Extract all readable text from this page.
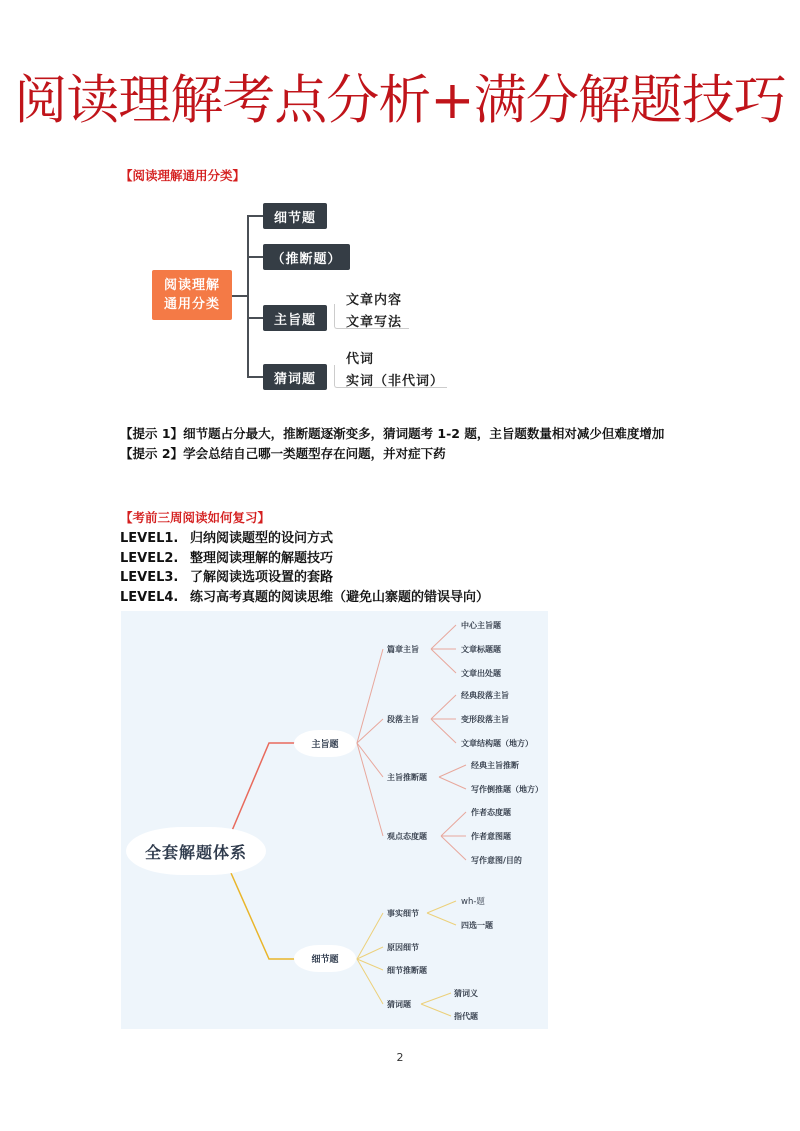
阅读理解考点分析+满分解题技巧
【阅读理解通用分类】
阅读理解
通用分类
细节题
（推断题）
主旨题
猜词题
文章内容
文章写法
代词
实词（非代词）
【提示 1】细节题占分最大，推断题逐渐变多，猜词题考 1-2 题，主旨题数量相对减少但难度增加
【提示 2】学会总结自己哪一类题型存在问题，并对症下药
【考前三周阅读如何复习】
LEVEL1. 归纳阅读题型的设问方式
LEVEL2. 整理阅读理解的解题技巧
LEVEL3. 了解阅读选项设置的套路
LEVEL4. 练习高考真题的阅读思维（避免山寨题的错误导向）
全套解题体系
主旨题
细节题
篇章主旨
中心主旨题
文章标题题
文章出处题
段落主旨
经典段落主旨
变形段落主旨
文章结构题（地方）
主旨推断题
经典主旨推断
写作倒推题（地方）
观点态度题
作者态度题
作者意图题
写作意图/目的
事实细节
wh-题
四选一题
原因细节
细节推断题
猜词题
猜词义
指代题
2
